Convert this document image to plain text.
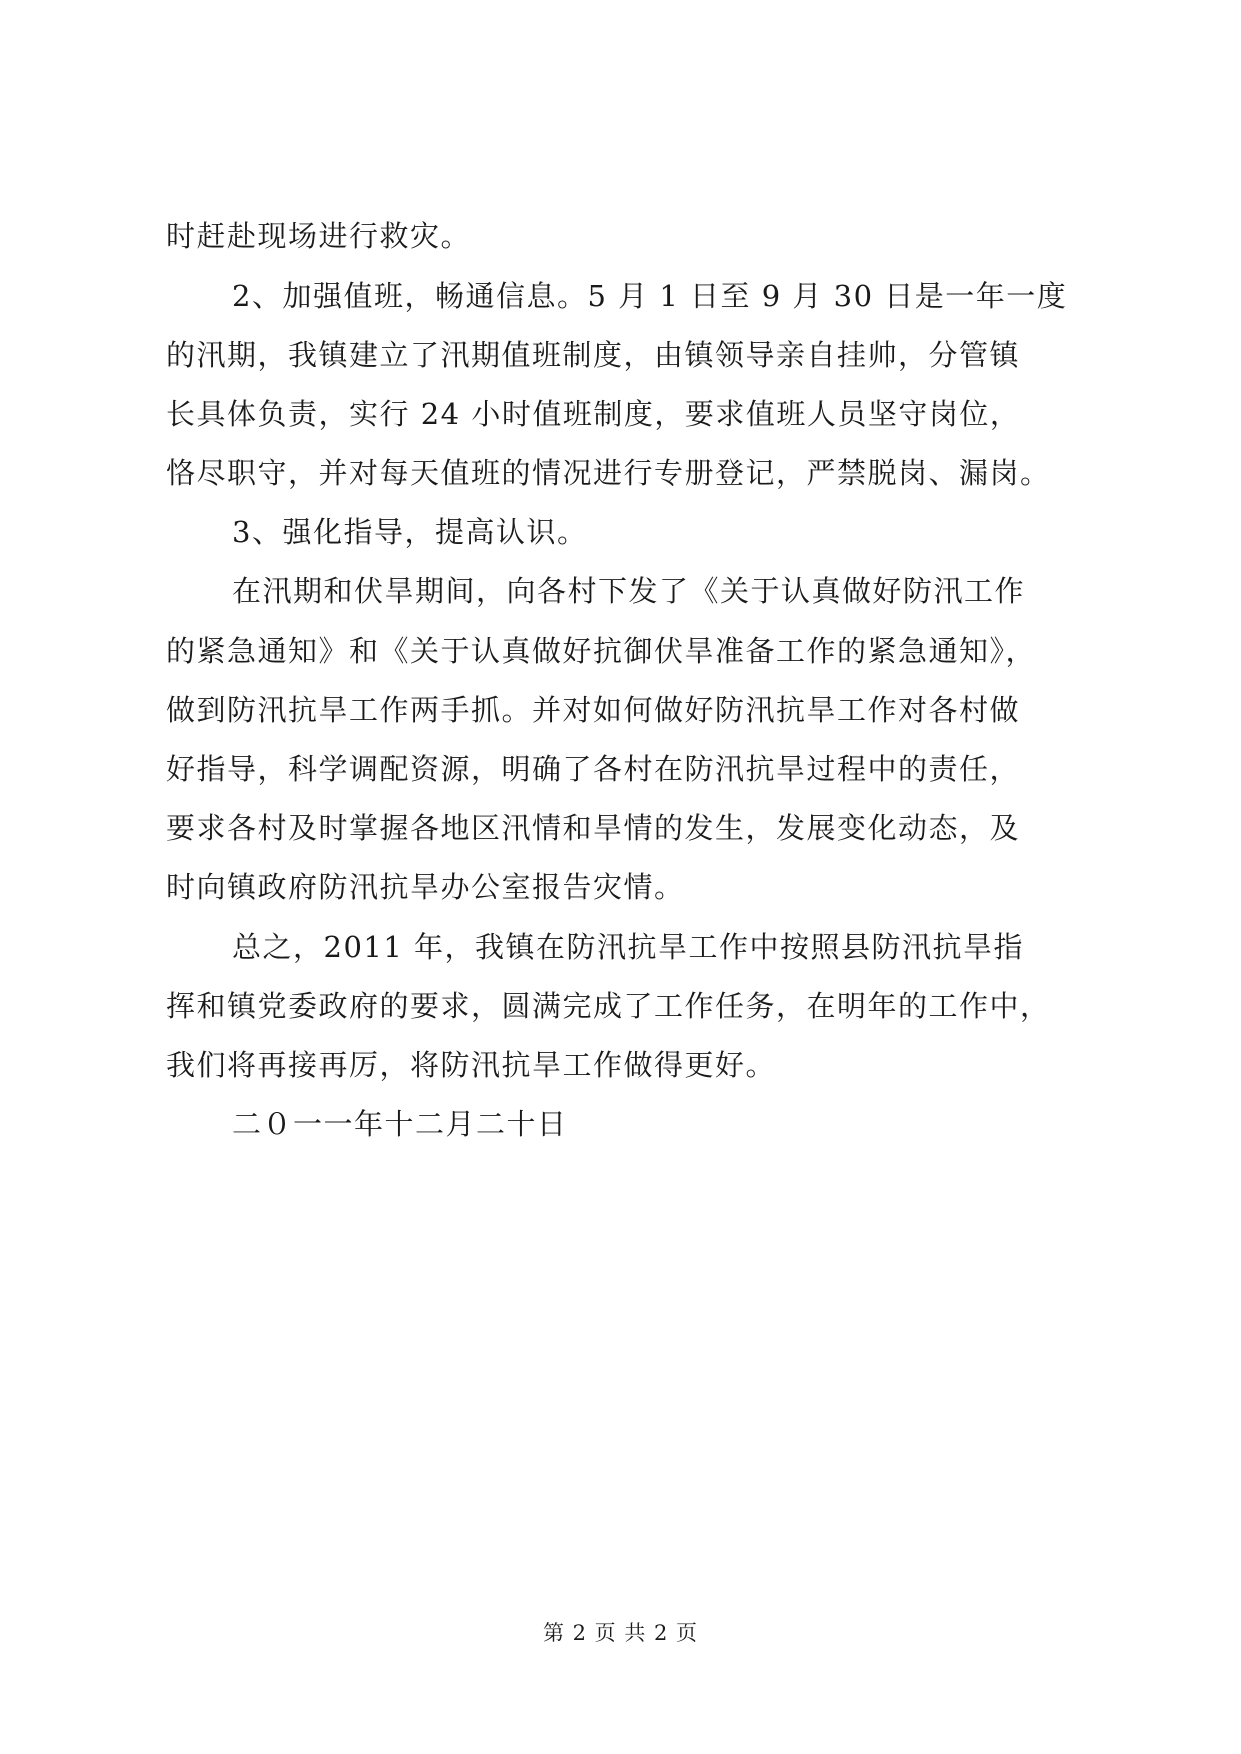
时赶赴现场进行救灾。
2、加强值班，畅通信息。5 月 1 日至 9 月 30 日是一年一度
的汛期，我镇建立了汛期值班制度，由镇领导亲自挂帅，分管镇
长具体负责，实行 24 小时值班制度，要求值班人员坚守岗位，
恪尽职守，并对每天值班的情况进行专册登记，严禁脱岗、漏岗。
3、强化指导，提高认识。
在汛期和伏旱期间，向各村下发了《关于认真做好防汛工作
的紧急通知》和《关于认真做好抗御伏旱准备工作的紧急通知》，
做到防汛抗旱工作两手抓。并对如何做好防汛抗旱工作对各村做
好指导，科学调配资源，明确了各村在防汛抗旱过程中的责任，
要求各村及时掌握各地区汛情和旱情的发生，发展变化动态，及
时向镇政府防汛抗旱办公室报告灾情。
总之，2011 年，我镇在防汛抗旱工作中按照县防汛抗旱指
挥和镇党委政府的要求，圆满完成了工作任务，在明年的工作中，
我们将再接再厉，将防汛抗旱工作做得更好。
二０一一年十二月二十日
第 2 页 共 2 页
